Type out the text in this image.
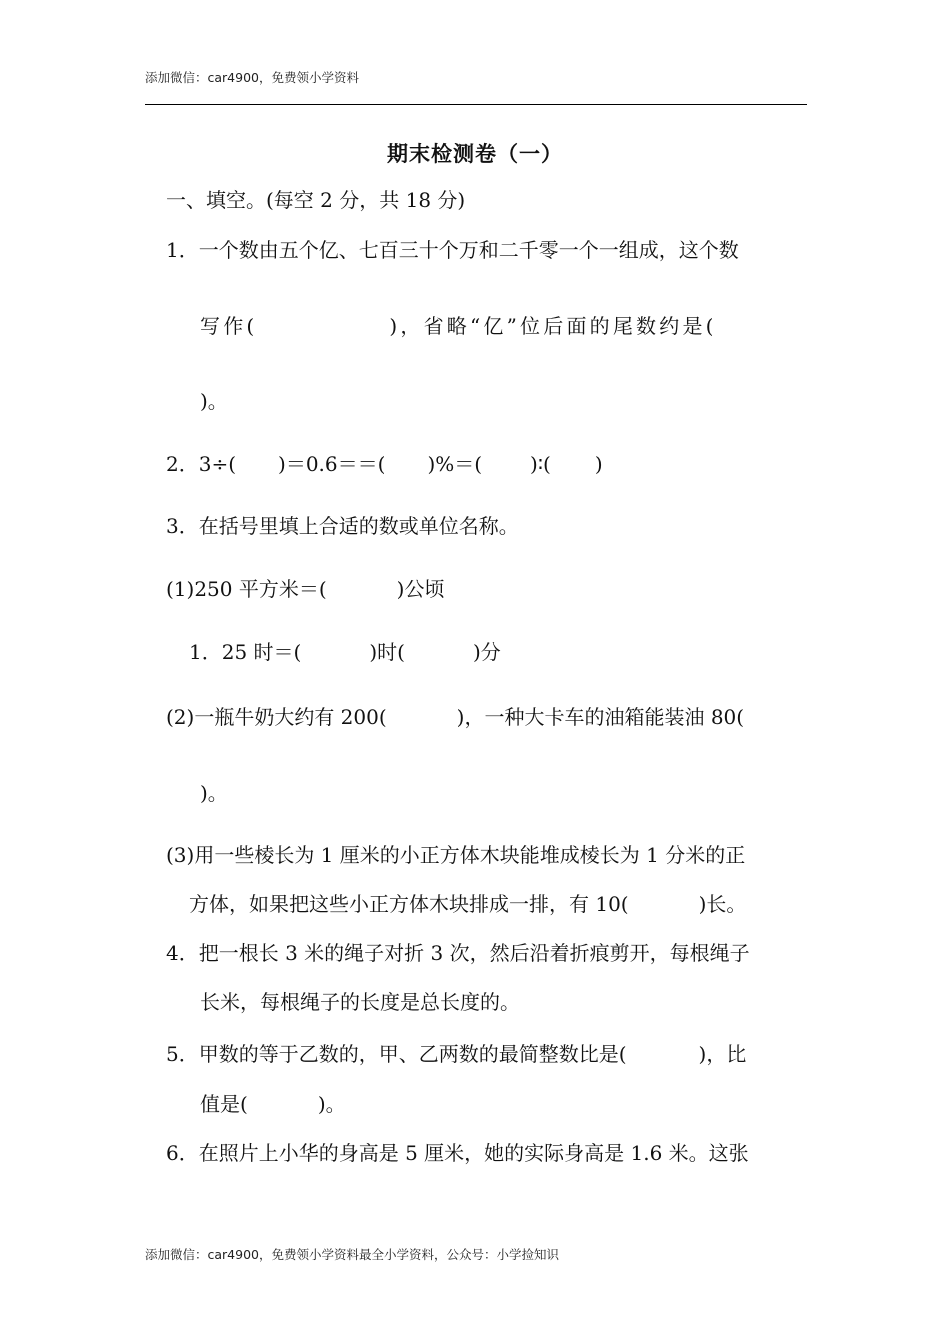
添加微信：car4900，免费领小学资料
期末检测卷（一）
一、填空。(每空 2 分，共 18 分)
1．一个数由五个亿、七百三十个万和二千零一个一组成，这个数
写作(	)，省略“亿”位后面的尾数约是(
)。
2．3÷( )＝0.6＝＝( )%＝( )∶( )
3．在括号里填上合适的数或单位名称。
(1)250 平方米＝(	)公顷
1．25 时＝(	)时(	)分
(2)一瓶牛奶大约有 200(	)，一种大卡车的油箱能装油 80(
)。
(3)用一些棱长为 1 厘米的小正方体木块能堆成棱长为 1 分米的正
方体，如果把这些小正方体木块排成一排，有 10(	)长。
4．把一根长 3 米的绳子对折 3 次，然后沿着折痕剪开，每根绳子
长米，每根绳子的长度是总长度的。
5．甲数的等于乙数的，甲、乙两数的最简整数比是(	)，比
值是(	)。
6．在照片上小华的身高是 5 厘米，她的实际身高是 1.6 米。这张
添加微信：car4900，免费领小学资料最全小学资料，公众号：小学捡知识
